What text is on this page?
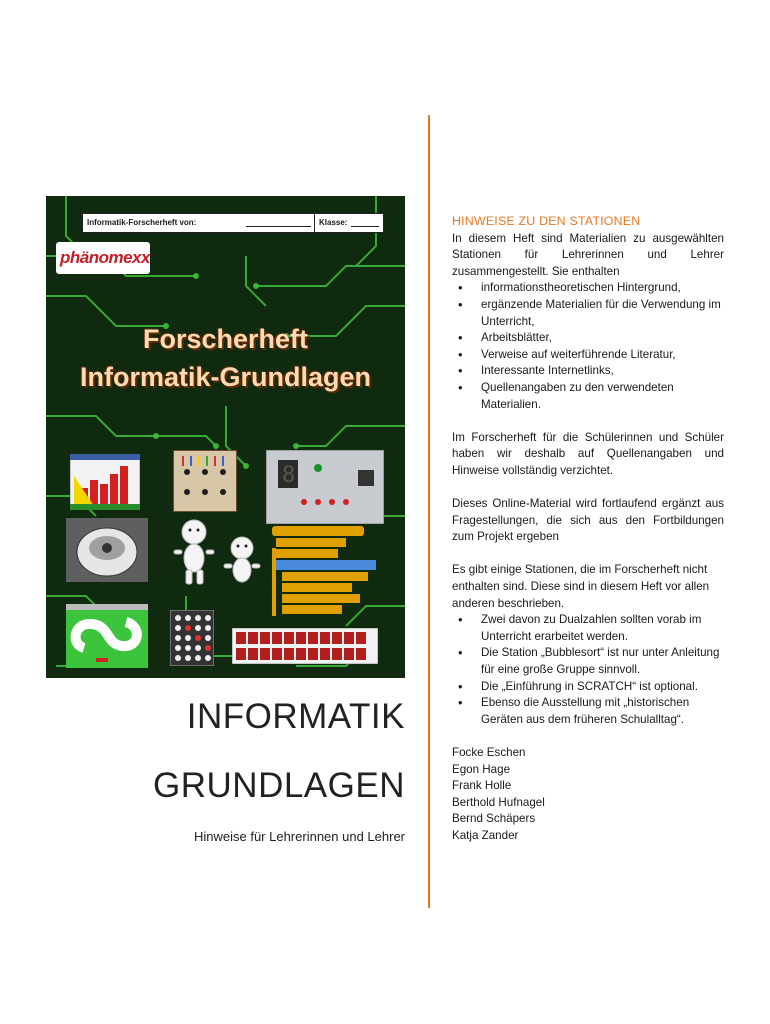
Informatik-Forscherheft von:	Klasse:
phänomexx
Forscherheft
Informatik-Grundlagen
8
INFORMATIK
GRUNDLAGEN
Hinweise für Lehrerinnen und Lehrer
HINWEISE ZU DEN STATIONEN

In diesem Heft sind Materialien zu ausgewählten Stationen für Lehrerinnen und Lehrer zusammengestellt. Sie enthalten

• informationstheoretischen Hintergrund,
• ergänzende Materialien für die Verwendung im Unterricht,
• Arbeitsblätter,
• Verweise auf weiterführende Literatur,
• Interessante Internetlinks,
• Quellenangaben zu den verwendeten Materialien.

Im Forscherheft für die Schülerinnen und Schüler haben wir deshalb auf Quellenangaben und Hinweise vollständig verzichtet.

Dieses Online-Material wird fortlaufend ergänzt aus Fragestellungen, die sich aus den Fortbildungen zum Projekt ergeben

Es gibt einige Stationen, die im Forscherheft nicht enthalten sind. Diese sind in diesem Heft vor allen anderen beschrieben.

• Zwei davon zu Dualzahlen sollten vorab im Unterricht erarbeitet werden.
• Die Station „Bubblesort“ ist nur unter Anleitung für eine große Gruppe sinnvoll.
• Die „Einführung in SCRATCH“ ist optional.
• Ebenso die Ausstellung mit „historischen Geräten aus dem früheren Schulalltag“.
Focke Eschen
Egon Hage
Frank Holle
Berthold Hufnagel
Bernd Schäpers
Katja Zander
